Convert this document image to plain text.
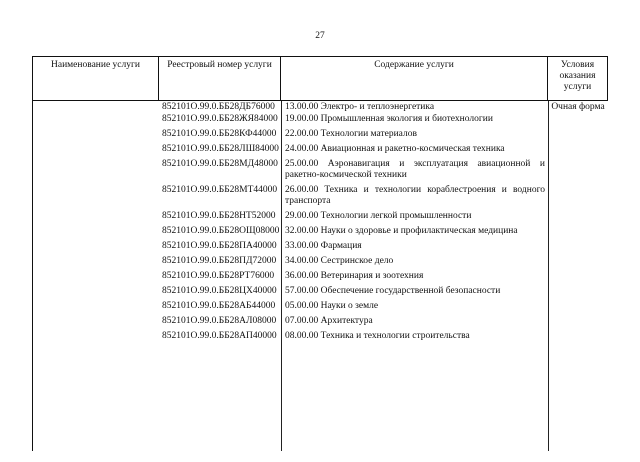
27
Наименование услуги	Реестровый номер услуги	Содержание услуги	Условия оказания услуги
852101О.99.0.ББ28ДБ76000	13.00.00 Электро- и теплоэнергетика	Очная форма
852101О.99.0.ББ28ЖЯ84000 19.00.00 Промышленная экология и биотехнологии
852101О.99.0.ББ28КФ44000 22.00.00 Технологии материалов
852101О.99.0.ББ28ЛШ84000 24.00.00 Авиационная и ракетно-космическая техника
852101О.99.0.ББ28МД48000 25.00.00 Аэронавигация и эксплуатация авиационной и ракетно-космической техники
852101О.99.0.ББ28МТ44000 26.00.00 Техника и технологии кораблестроения и водного транспорта
852101О.99.0.ББ28НТ52000 29.00.00 Технологии легкой промышленности
852101О.99.0.ББ28ОЩ08000 32.00.00 Науки о здоровье и профилактическая медицина
852101О.99.0.ББ28ПА40000 33.00.00 Фармация
852101О.99.0.ББ28ПД72000 34.00.00 Сестринское дело
852101О.99.0.ББ28РТ76000	36.00.00 Ветеринария и зоотехния
852101О.99.0.ББ28ЦХ40000 57.00.00 Обеспечение государственной безопасности
852101О.99.0.ББ28АБ44000	05.00.00 Науки о земле
852101О.99.0.ББ28АЛ08000 07.00.00 Архитектура
852101О.99.0.ББ28АП40000 08.00.00 Техника и технологии строительства
